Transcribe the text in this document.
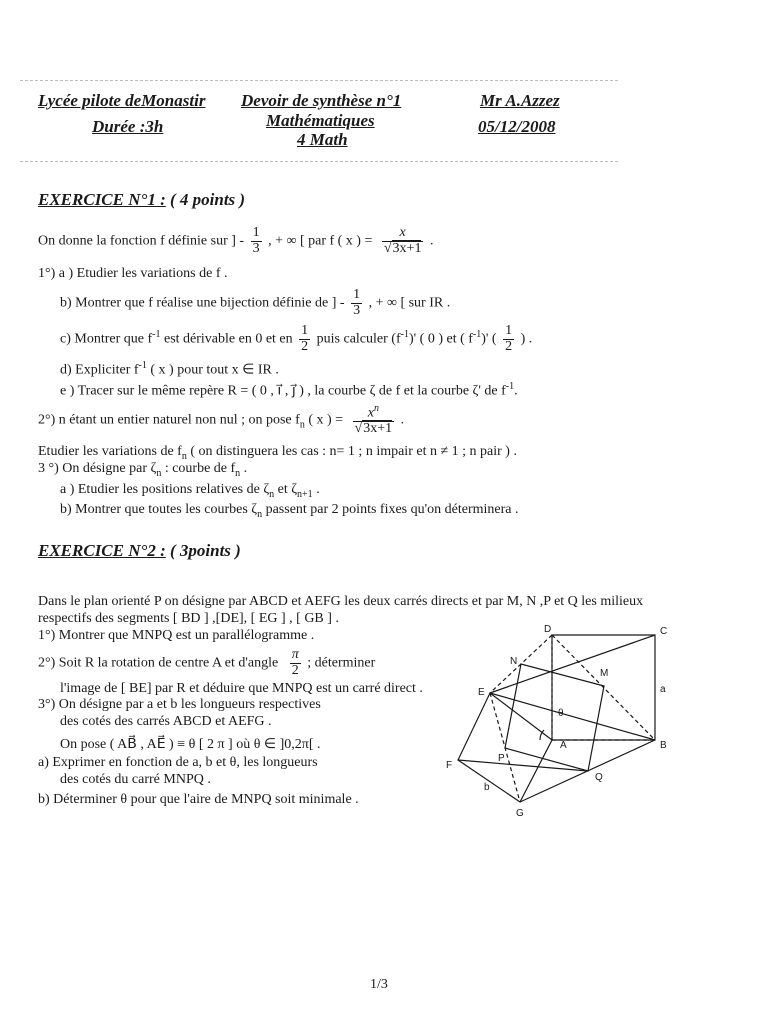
Lycée pilote deMonastir
Durée :3h
Devoir de synthèse n°1
Mathématiques
4 Math
Mr A.Azzez
05/12/2008
EXERCICE N°1 : ( 4 points )
On donne la fonction f définie sur ] - $\frac{1}{3}$ , + ∞ [ par f ( x ) = $\frac{x}{√3x+1}$ .
1°) a ) Etudier les variations de f .
b) Montrer que f réalise une bijection définie de ] - $\frac{1}{3}$ , + ∞ [ sur IR .
c) Montrer que $f^{-1}$ est dérivable en 0 et en $\frac{1}{2}$ puis calculer $(f^{-1})'$ ( 0 ) et ( $f^{-1})'$ ( $\frac{1}{2}$ ) .
d) Expliciter $f^{-1}$ ( x ) pour tout x ∈ IR .
e ) Tracer sur le même repère R = ( 0 , i⃗ , j⃗ ) , la courbe ζ de f et la courbe ζ' de $f^{-1}$.
2°) n étant un entier naturel non nul ; on pose $f_n$ ( x ) = $\frac{x^n}{√3x+1}$ .
Etudier les variations de $f_n$ ( on distinguera les cas : n= 1 ; n impair et n ≠ 1 ; n pair ) .
3 °) On désigne par $\zeta_n$ : courbe de $f_n$ .
a ) Etudier les positions relatives de $\zeta_n$ et $\zeta_{n+1}$ .
b) Montrer que toutes les courbes $\zeta_n$ passent par 2 points fixes qu'on déterminera .
EXERCICE N°2 : ( 3points )
Dans le plan orienté P on désigne par ABCD et AEFG les deux carrés directs et par M, N ,P et Q les milieux
respectifs des segments [ BD ] ,[DE], [ EG ] , [ GB ] .
1°) Montrer que MNPQ est un parallélogramme .
2°) Soit R la rotation de centre A et d'angle $\frac{\pi}{2}$ ; déterminer
l'image de [ BE] par R et déduire que MNPQ est un carré direct .
3°) On désigne par a et b les longueurs respectives
des cotés des carrés ABCD et AEFG .
On pose ( AB⃗ , AE⃗ ) ≡ θ [ 2 π ] où θ ∈ ]0,2π[ .
a) Exprimer en fonction de a, b et θ, les longueurs
des cotés du carré MNPQ .
b) Déterminer θ pour que l'aire de MNPQ soit minimale .
D	C
N
M
E
A	B
F
P
Q
G
a
b
θ
1/3
